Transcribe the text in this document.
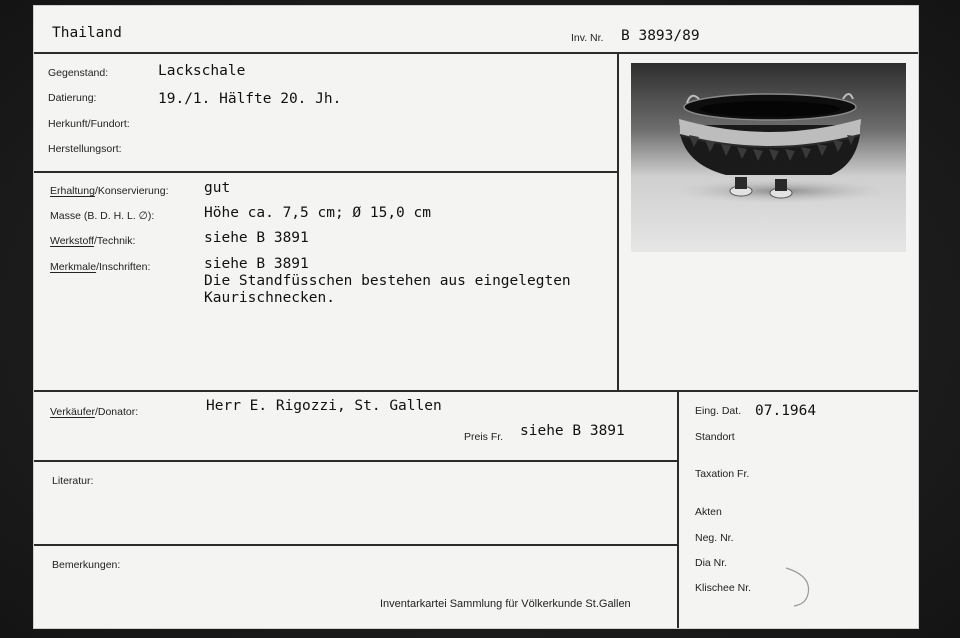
Thailand	Inv. Nr. B 3893/89
Gegenstand:	Lackschale
Datierung:	19./1. Hälfte 20. Jh.
Herkunft/Fundort:
Herstellungsort:
Erhaltung/Konservierung: gut
Masse (B. D. H. L. ∅):	Höhe ca. 7,5 cm; Ø 15,0 cm
Werkstoff/Technik:	siehe B 3891
Merkmale/Inschriften:	siehe B 3891
Die Standfüsschen bestehen aus eingelegten
Kaurischnecken.
Verkäufer/Donator:	Herr E. Rigozzi, St. Gallen
Preis Fr. siehe B 3891
Literatur:
Bemerkungen:
Inventarkartei Sammlung für Völkerkunde St.Gallen
Eing. Dat. 07.1964
Standort
Taxation Fr.
Akten
Neg. Nr.
Dia Nr.
Klischee Nr.
